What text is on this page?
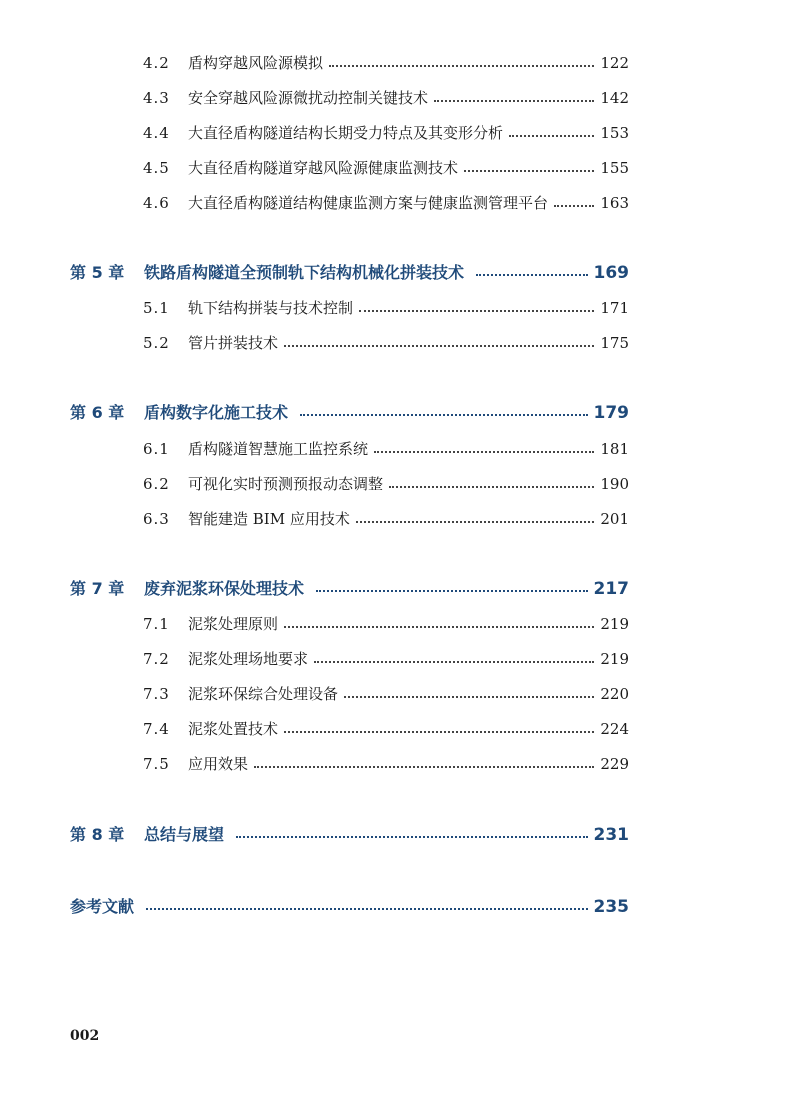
4.2	盾构穿越风险源模拟	122
4.3	安全穿越风险源微扰动控制关键技术	142
4.4	大直径盾构隧道结构长期受力特点及其变形分析	153
4.5	大直径盾构隧道穿越风险源健康监测技术	155
4.6	大直径盾构隧道结构健康监测方案与健康监测管理平台	163
第 5 章	铁路盾构隧道全预制轨下结构机械化拼装技术	169
5.1	轨下结构拼装与技术控制	171
5.2	管片拼装技术	175
第 6 章	盾构数字化施工技术	179
6.1	盾构隧道智慧施工监控系统	181
6.2	可视化实时预测预报动态调整	190
6.3	智能建造 BIM 应用技术	201
第 7 章	废弃泥浆环保处理技术	217
7.1	泥浆处理原则	219
7.2	泥浆处理场地要求	219
7.3	泥浆环保综合处理设备	220
7.4	泥浆处置技术	224
7.5	应用效果	229
第 8 章	总结与展望	231
参考文献	235
002
